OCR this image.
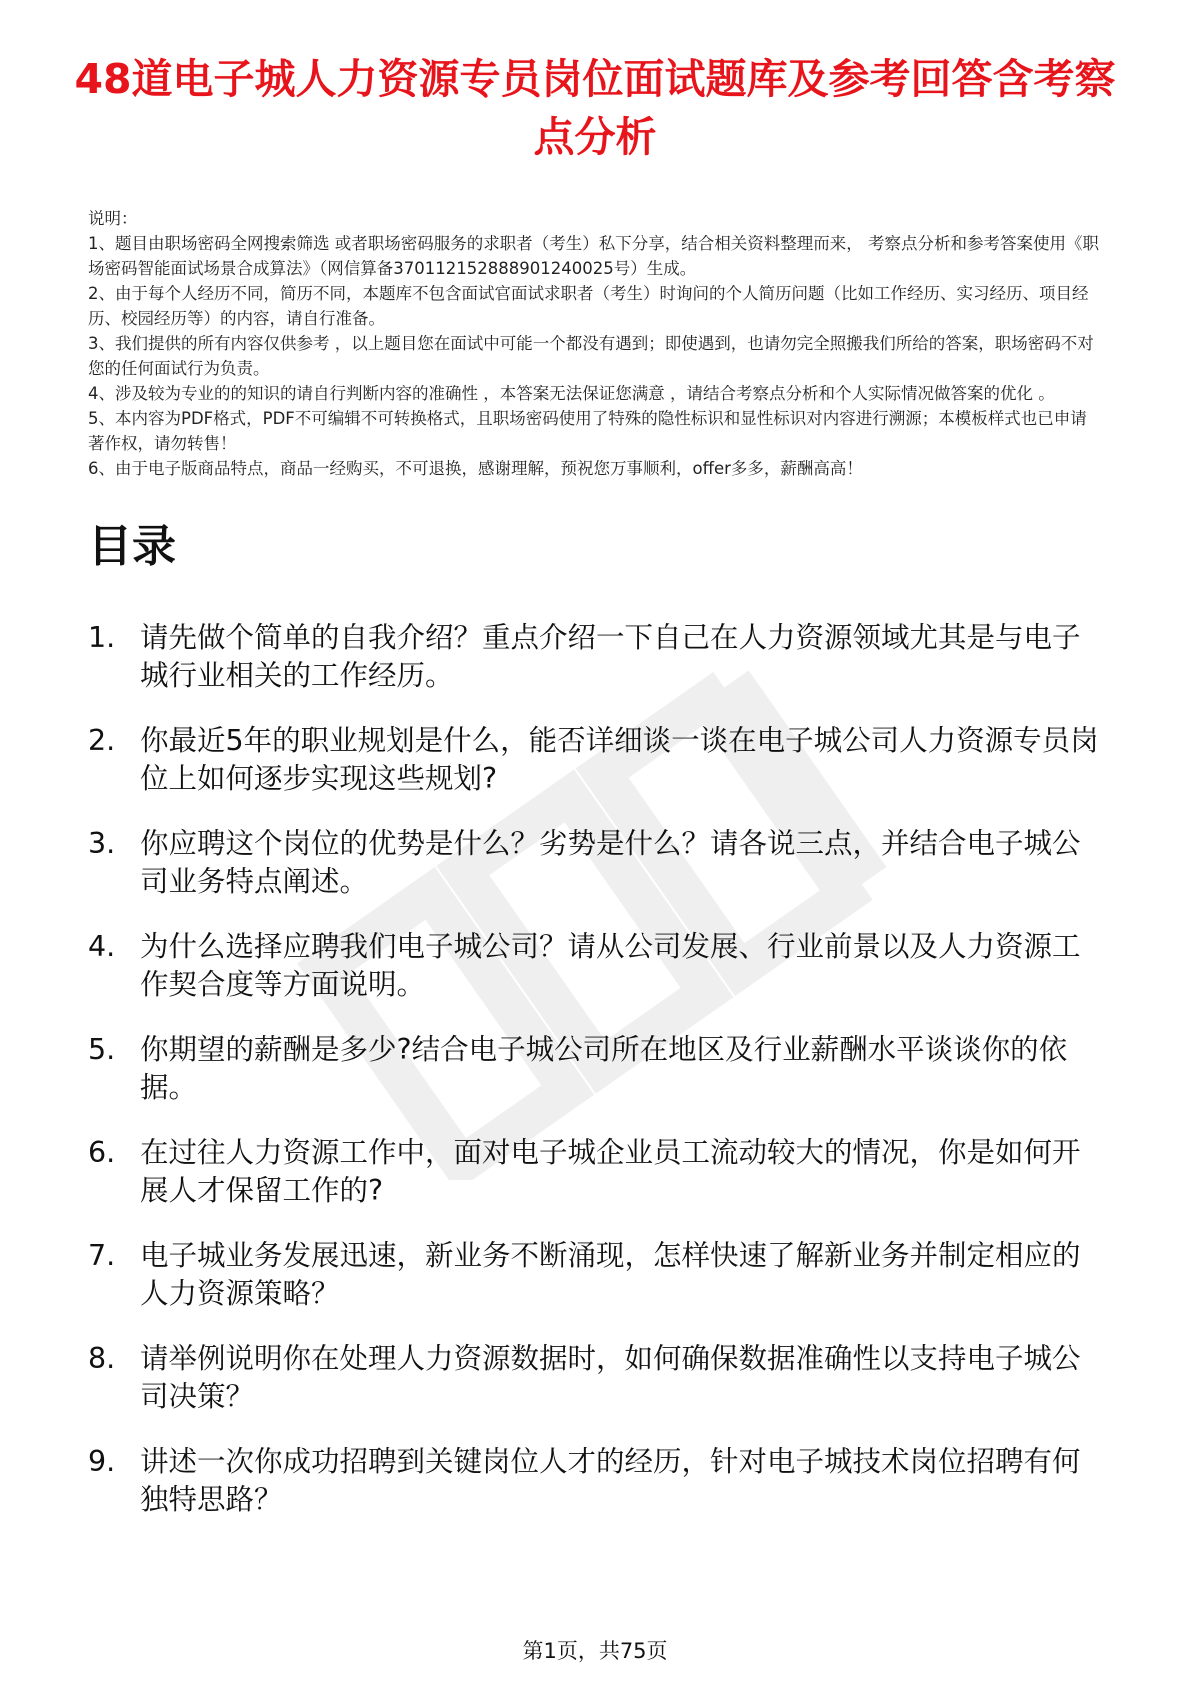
48道电子城人力资源专员岗位面试题库及参考回答含考察点分析
说明：
1、题目由职场密码全网搜索筛选 或者职场密码服务的求职者（考生）私下分享，结合相关资料整理而来， 考察点分析和参考答案使用《职场密码智能面试场景合成算法》（网信算备370112152888901240025号）生成。
2、由于每个人经历不同，简历不同，本题库不包含面试官面试求职者（考生）时询问的个人简历问题（比如工作经历、实习经历、项目经历、校园经历等）的内容，请自行准备。
3、我们提供的所有内容仅供参考 ，以上题目您在面试中可能一个都没有遇到；即使遇到，也请勿完全照搬我们所给的答案，职场密码不对您的任何面试行为负责。
4、涉及较为专业的的知识的请自行判断内容的准确性 ，本答案无法保证您满意 ，请结合考察点分析和个人实际情况做答案的优化 。
5、本内容为PDF格式，PDF不可编辑不可转换格式，且职场密码使用了特殊的隐性标识和显性标识对内容进行溯源；本模板样式也已申请著作权，请勿转售！
6、由于电子版商品特点，商品一经购买，不可退换，感谢理解，预祝您万事顺利，offer多多，薪酬高高！
目录
1. 请先做个简单的自我介绍？重点介绍一下自己在人力资源领域尤其是与电子城行业相关的工作经历。
2. 你最近5年的职业规划是什么，能否详细谈一谈在电子城公司人力资源专员岗位上如何逐步实现这些规划?
3. 你应聘这个岗位的优势是什么？劣势是什么？请各说三点，并结合电子城公司业务特点阐述。
4. 为什么选择应聘我们电子城公司？请从公司发展、行业前景以及人力资源工作契合度等方面说明。
5. 你期望的薪酬是多少?结合电子城公司所在地区及行业薪酬水平谈谈你的依据。
6. 在过往人力资源工作中，面对电子城企业员工流动较大的情况，你是如何开展人才保留工作的?
7. 电子城业务发展迅速，新业务不断涌现，怎样快速了解新业务并制定相应的人力资源策略？
8. 请举例说明你在处理人力资源数据时，如何确保数据准确性以支持电子城公司决策？
9. 讲述一次你成功招聘到关键岗位人才的经历，针对电子城技术岗位招聘有何独特思路？
第1页，共75页
